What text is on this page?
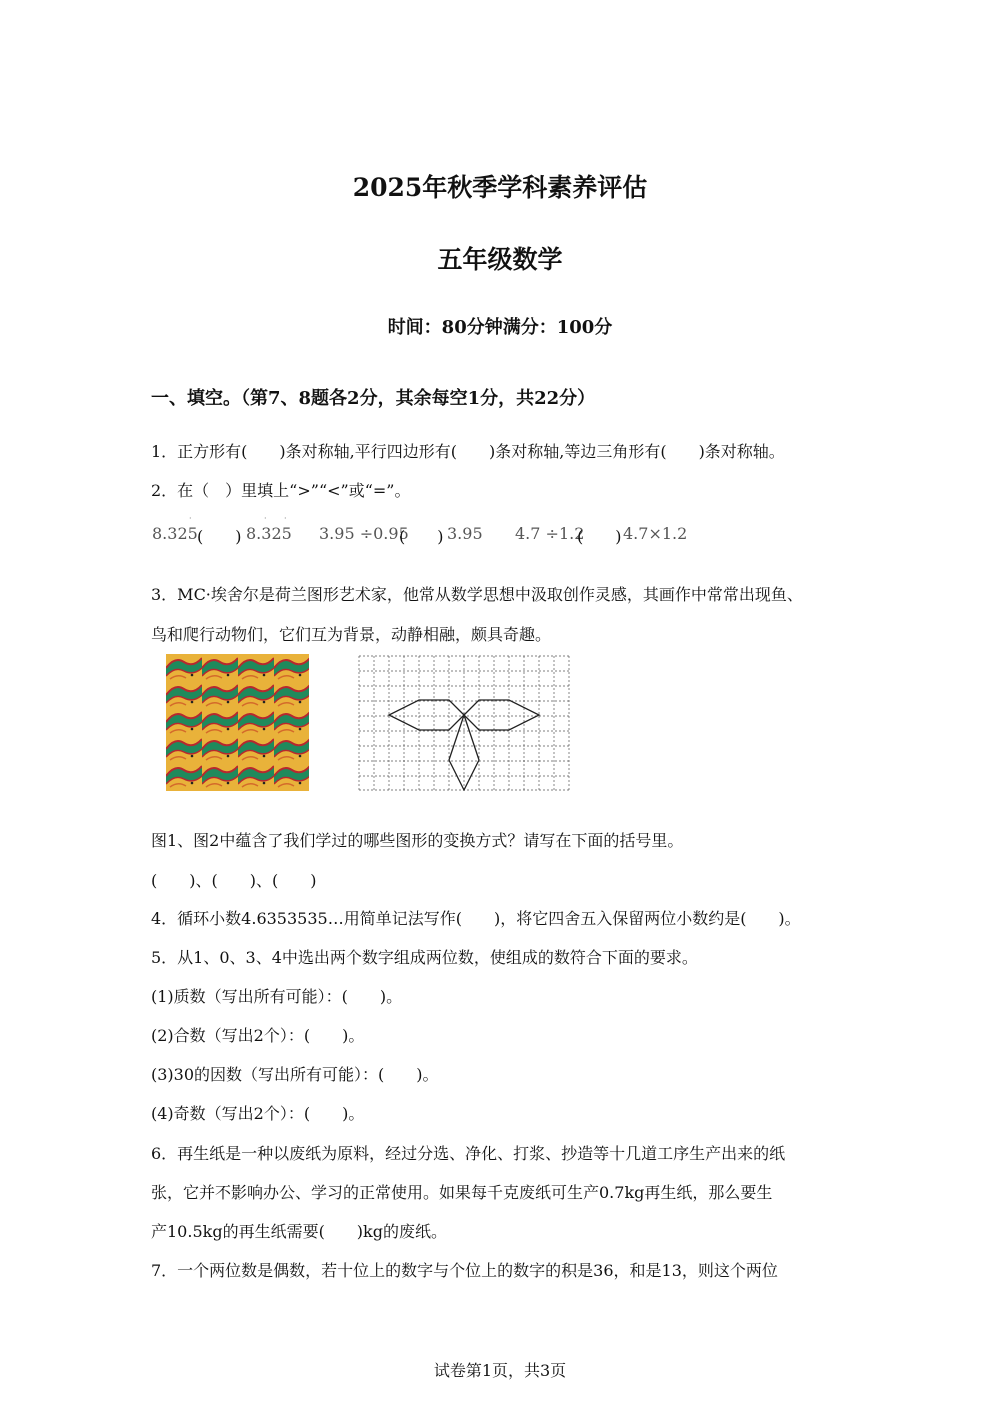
2025年秋季学科素养评估
五年级数学
时间：80分钟满分：100分
一、填空。（第7、8题各2分，其余每空1分，共22分）
1．正方形有(　　)条对称轴,平行四边形有(　　)条对称轴,等边三角形有(　　)条对称轴。
2．在（　）里填上“>”“<”或“=”。
·
8.325 (　　)
· ·
8.325 3.95 ÷0.95
(　　) 3.95 4.7 ÷1.2
(　　) 4.7×1.2
3．MC·埃舍尔是荷兰图形艺术家，他常从数学思想中汲取创作灵感，其画作中常常出现鱼、
鸟和爬行动物们，它们互为背景，动静相融，颇具奇趣。
图1、图2中蕴含了我们学过的哪些图形的变换方式？请写在下面的括号里。
(　　)、(　　)、(　　)
4．循环小数4.6353535…用简单记法写作(　　)，将它四舍五入保留两位小数约是(　　)。
5．从1、0、3、4中选出两个数字组成两位数，使组成的数符合下面的要求。
(1)质数（写出所有可能）：(　　)。
(2)合数（写出2个）：(　　)。
(3)30的因数（写出所有可能）：(　　)。
(4)奇数（写出2个）：(　　)。
6．再生纸是一种以废纸为原料，经过分选、净化、打浆、抄造等十几道工序生产出来的纸
张，它并不影响办公、学习的正常使用。如果每千克废纸可生产0.7kg再生纸，那么要生
产10.5kg的再生纸需要(　　)kg的废纸。
7．一个两位数是偶数，若十位上的数字与个位上的数字的积是36，和是13，则这个两位
试卷第1页，共3页
